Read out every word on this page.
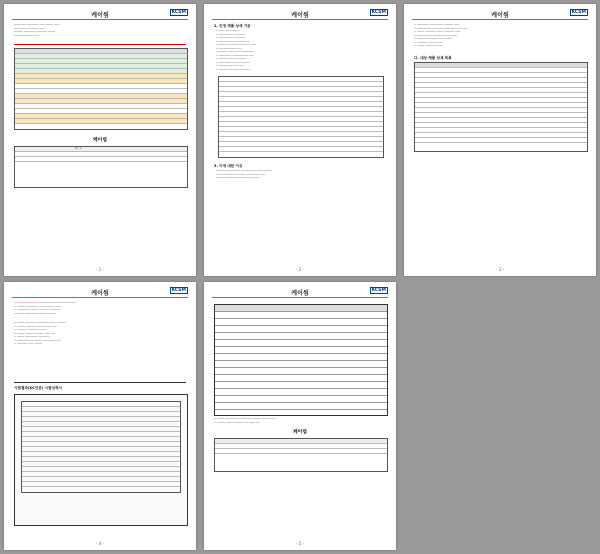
케이씸	KCSM
─────── ────── ─── ──── ───
─────── ────── ───
───── ────── ────── ────
──── ────── ───
케이씸
비 고
- 1 -
케이씸	KCSM
2. 인정 제품 상세 기준
─ ─── ── ─ ────
─ ───────── ─────
─ ──────── ──────
─ ──────── ─────── ─
─ ──── ────── ────── ───
─ ────────── ──
─ ───── ────── ───────
─ ─────── ───────── ──
─ ───── ──── ─────
─ ─────── ───── ────
─ ──────── ─── ──
─ ───── ───── ──────
3. 이에 대한 이유
───── ──────── ─────── ──── ─────
──── ─────── ──── ─────── ───
───── ────── ──── ──── ───
- 2 -
케이씸	KCSM
─ ─────── ─────── ───── ───
─ ──────── ───── ──── ─────── ──
─ ──── ────── ──── ───── ───
─ ───── ─── ──────── ─────
─ ─────── ──── ─── ────
─ ────── ───── ──
─ ──── ────── ───
다. 대상 제품 상세 목록
- 3 -
케이씸	KCSM
─ ────── ───── ───── ─────── ──── ───
─ ───── ────── ─── ──── ─ ───
─ ─────── ──── ────── ─── ──
─ ──── ─────── ──── ─────
─ ──── ────── ─────── ─── ─────
─ ───── ──── ───── ──── ──
─ ────── ────── ───
─ ──── ───── ───── ─── ──
─ ──── ─────── ──────
─ ─────── ── ──── ─────── ──
─ ────── ─── ────
시험결과(KC인증) 시험성적서
- 4 -
케이씸	KCSM
─ ──── ──────── ─────── ──── ─── ────
─ ───── ──── ───── ── ─── ──
케이씸
- 5 -
